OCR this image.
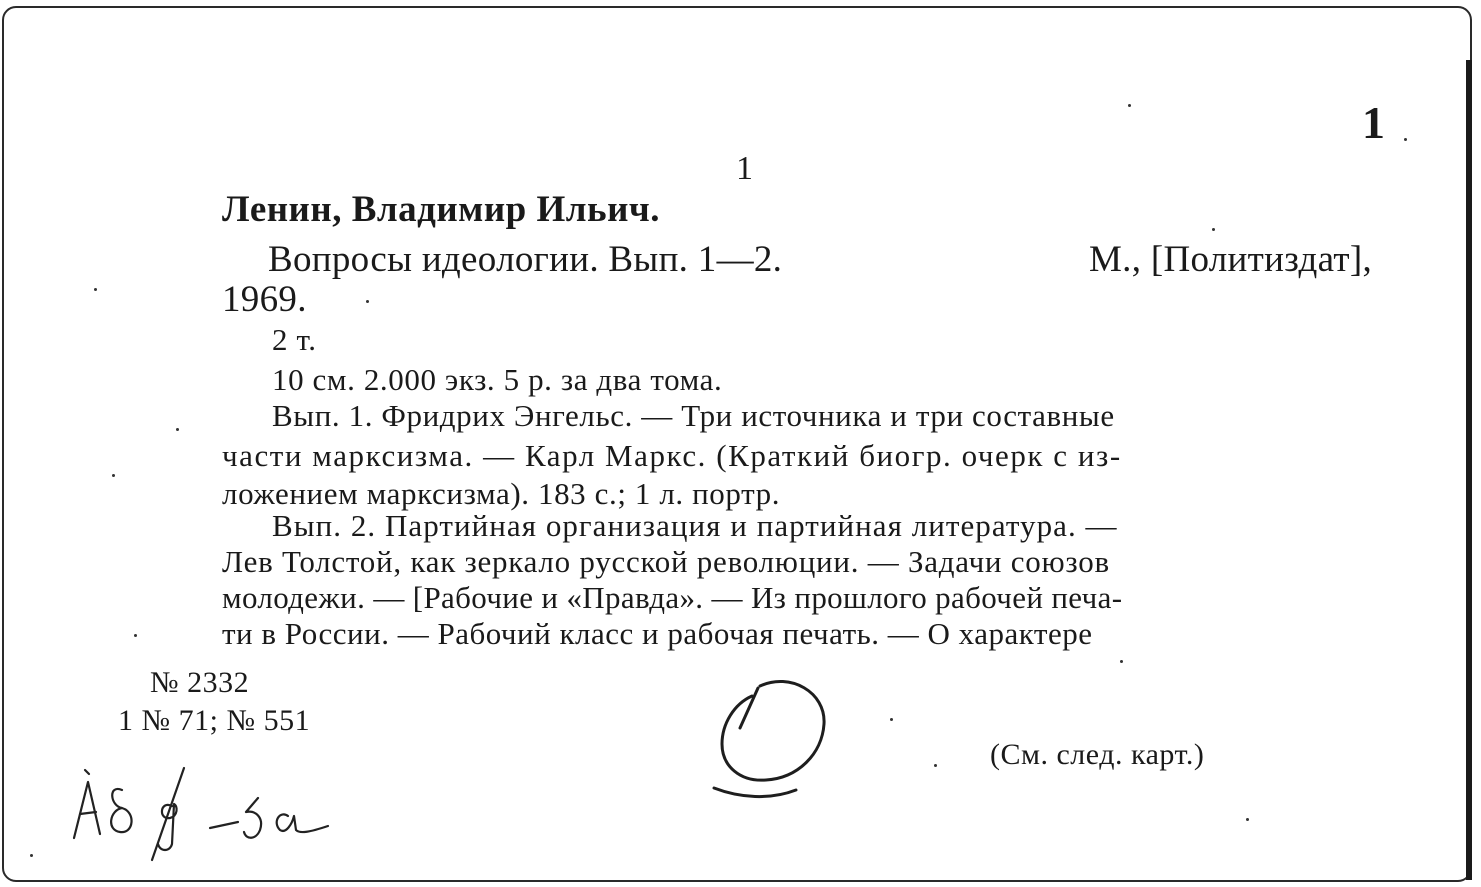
1
1
Ленин, Владимир Ильич.
Вопросы идеологии. Вып. 1—2.	М., [Политиздат],
1969.
2 т.
10 см. 2.000 экз. 5 р. за два тома.
Вып. 1. Фридрих Энгельс. — Три источника и три составные
части марксизма. — Карл Маркс. (Краткий биогр. очерк с из-
ложением марксизма). 183 с.; 1 л. портр.
Вып. 2. Партийная организация и партийная литература. —
Лев Толстой, как зеркало русской революции. — Задачи союзов
молодежи. — [Рабочие и «Правда». — Из прошлого рабочей печа-
ти в России. — Рабочий класс и рабочая печать. — О характере
№ 2332
1 № 71; № 551
(См. след. карт.)
